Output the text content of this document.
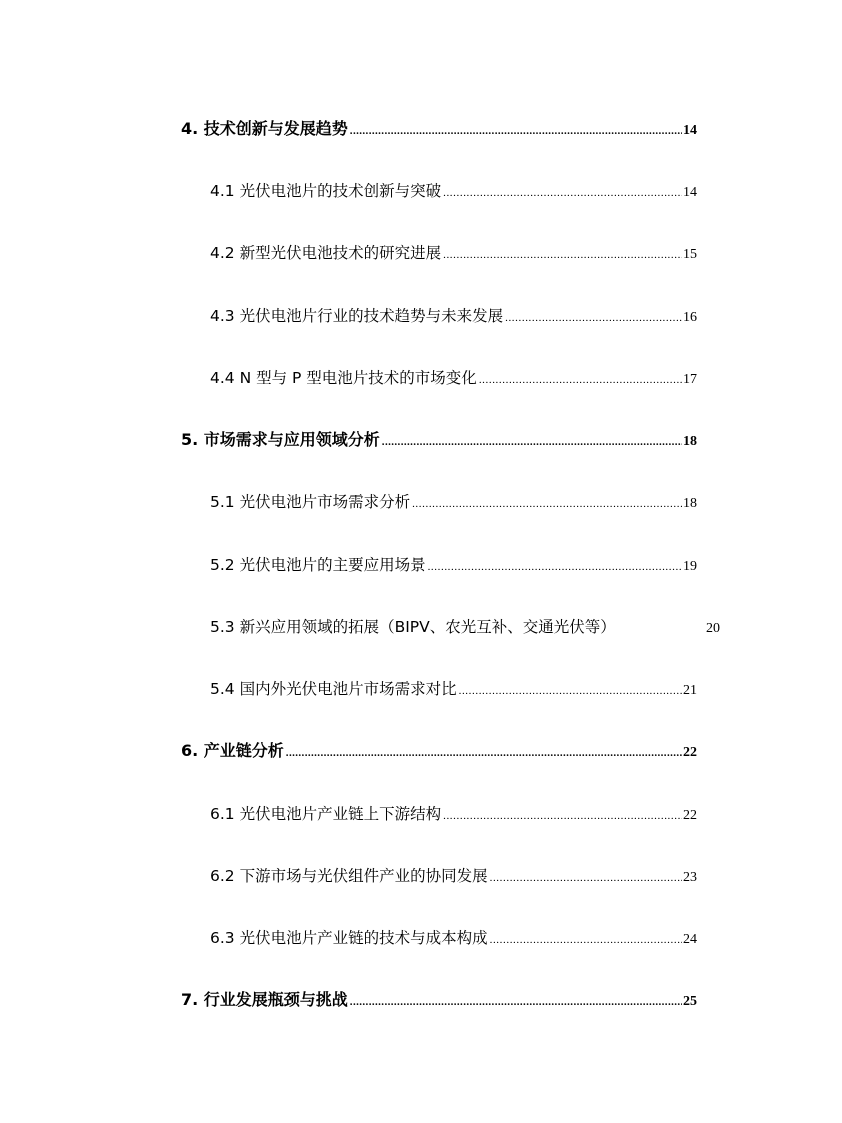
4. 技术创新与发展趋势 .....	14
4.1 光伏电池片的技术创新与突破 .....	14
4.2 新型光伏电池技术的研究进展 .....	15
4.3 光伏电池片行业的技术趋势与未来发展 .....	16
4.4 N 型与 P 型电池片技术的市场变化 .....	17
5. 市场需求与应用领域分析 .....	18
5.1 光伏电池片市场需求分析 .....	18
5.2 光伏电池片的主要应用场景 .....	19
5.3 新兴应用领域的拓展（BIPV、农光互补、交通光伏等）	20
5.4 国内外光伏电池片市场需求对比 .....	21
6. 产业链分析 .....	22
6.1 光伏电池片产业链上下游结构 .....	22
6.2 下游市场与光伏组件产业的协同发展 .....	23
6.3 光伏电池片产业链的技术与成本构成 .....	24
7. 行业发展瓶颈与挑战 .....	25
